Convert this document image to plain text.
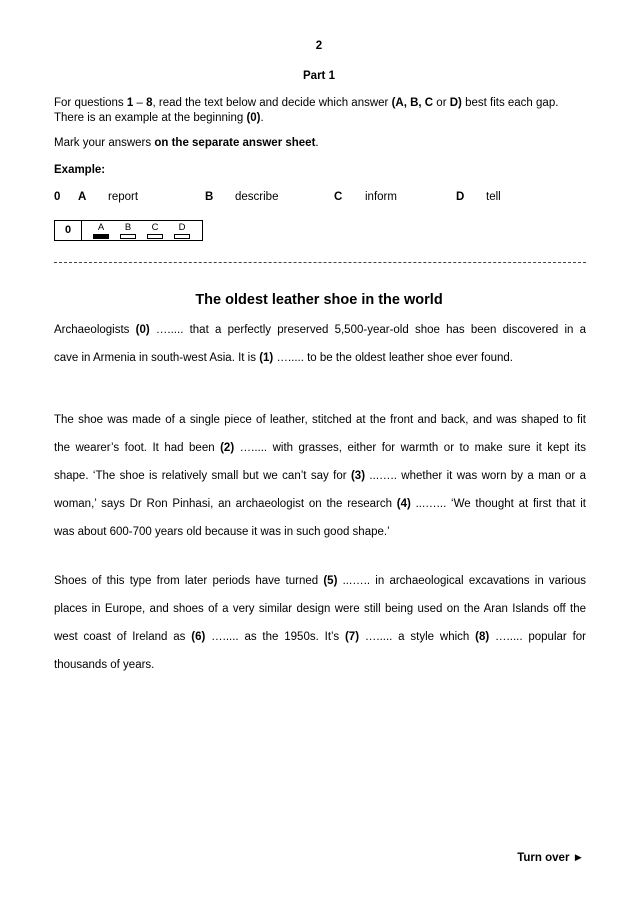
2
Part 1
For questions 1 – 8, read the text below and decide which answer (A, B, C or D) best fits each gap.
There is an example at the beginning (0).
Mark your answers on the separate answer sheet.
Example:
0 A report	B describe	C inform	D tell
0	A	B	C	D
The oldest leather shoe in the world
Archaeologists (0) …..... that a perfectly preserved 5,500-year-old shoe has been discovered in a
cave in Armenia in south-west Asia. It is (1) …..... to be the oldest leather shoe ever found.
The shoe was made of a single piece of leather, stitched at the front and back, and was shaped to fit
the wearer’s foot. It had been (2) …..... with grasses, either for warmth or to make sure it kept its
shape. ‘The shoe is relatively small but we can’t say for (3) ...….. whether it was worn by a man or a
woman,’ says Dr Ron Pinhasi, an archaeologist on the research (4) ...…... ‘We thought at first that it
was about 600-700 years old because it was in such good shape.’
Shoes of this type from later periods have turned (5) ...….. in archaeological excavations in various
places in Europe, and shoes of a very similar design were still being used on the Aran Islands off the
west coast of Ireland as (6) …..... as the 1950s. It’s (7) …..... a style which (8) …..... popular for
thousands of years.
Turn over ►
